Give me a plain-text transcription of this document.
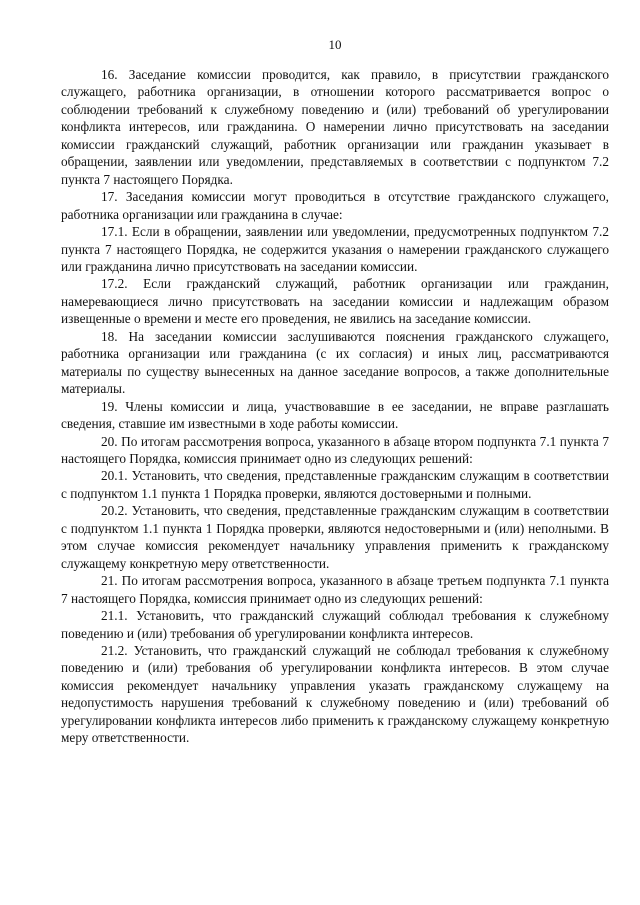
10

16. Заседание комиссии проводится, как правило, в присутствии гражданского служащего, работника организации, в отношении которого рассматривается вопрос о соблюдении требований к служебному поведению и (или) требований об урегулировании конфликта интересов, или гражданина. О намерении лично присутствовать на заседании комиссии гражданский служащий, работник организации или гражданин указывает в обращении, заявлении или уведомлении, представляемых в соответствии с подпунктом 7.2 пункта 7 настоящего Порядка.

17. Заседания комиссии могут проводиться в отсутствие гражданского служащего, работника организации или гражданина в случае:

17.1. Если в обращении, заявлении или уведомлении, предусмотренных подпунктом 7.2 пункта 7 настоящего Порядка, не содержится указания о намерении гражданского служащего или гражданина лично присутствовать на заседании комиссии.

17.2. Если гражданский служащий, работник организации или гражданин, намеревающиеся лично присутствовать на заседании комиссии и надлежащим образом извещенные о времени и месте его проведения, не явились на заседание комиссии.

18. На заседании комиссии заслушиваются пояснения гражданского служащего, работника организации или гражданина (с их согласия) и иных лиц, рассматриваются материалы по существу вынесенных на данное заседание вопросов, а также дополнительные материалы.

19. Члены комиссии и лица, участвовавшие в ее заседании, не вправе разглашать сведения, ставшие им известными в ходе работы комиссии.

20. По итогам рассмотрения вопроса, указанного в абзаце втором подпункта 7.1 пункта 7 настоящего Порядка, комиссия принимает одно из следующих решений:

20.1. Установить, что сведения, представленные гражданским служащим в соответствии с подпунктом 1.1 пункта 1 Порядка проверки, являются достоверными и полными.

20.2. Установить, что сведения, представленные гражданским служащим в соответствии с подпунктом 1.1 пункта 1 Порядка проверки, являются недостоверными и (или) неполными. В этом случае комиссия рекомендует начальнику управления применить к гражданскому служащему конкретную меру ответственности.

21. По итогам рассмотрения вопроса, указанного в абзаце третьем подпункта 7.1 пункта 7 настоящего Порядка, комиссия принимает одно из следующих решений:

21.1. Установить, что гражданский служащий соблюдал требования к служебному поведению и (или) требования об урегулировании конфликта интересов.

21.2. Установить, что гражданский служащий не соблюдал требования к служебному поведению и (или) требования об урегулировании конфликта интересов. В этом случае комиссия рекомендует начальнику управления указать гражданскому служащему на недопустимость нарушения требований к служебному поведению и (или) требований об урегулировании конфликта интересов либо применить к гражданскому служащему конкретную меру ответственности.
